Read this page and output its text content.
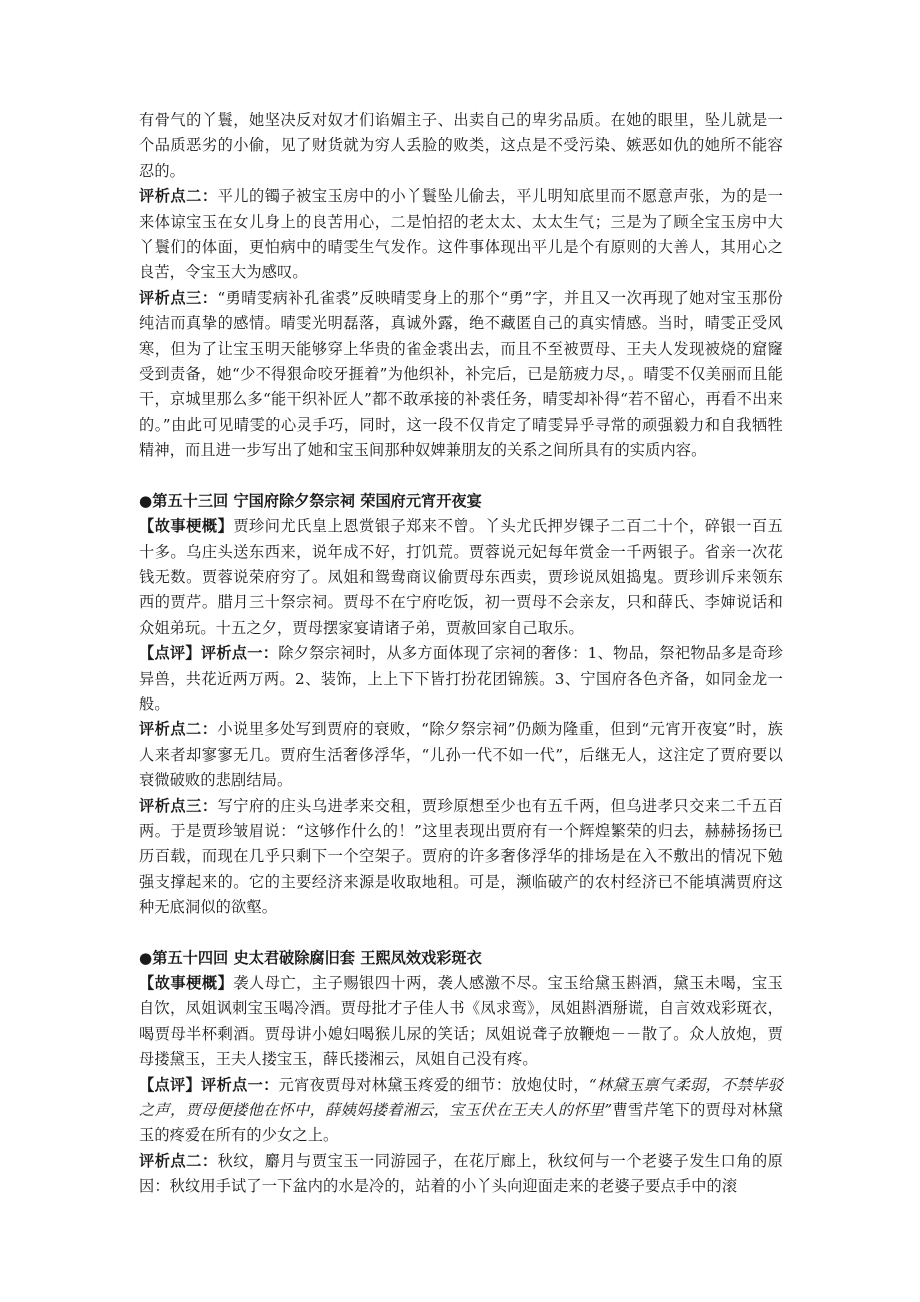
有骨气的丫鬟，她坚决反对奴才们谄媚主子、出卖自己的卑劣品质。在她的眼里，坠儿就是一个品质恶劣的小偷，见了财货就为穷人丢脸的败类，这点是不受污染、嫉恶如仇的她所不能容忍的。

评析点二：平儿的镯子被宝玉房中的小丫鬟坠儿偷去，平儿明知底里而不愿意声张，为的是一来体谅宝玉在女儿身上的良苦用心，二是怕招的老太太、太太生气；三是为了顾全宝玉房中大丫鬟们的体面，更怕病中的晴雯生气发作。这件事体现出平儿是个有原则的大善人，其用心之良苦，令宝玉大为感叹。

评析点三：“勇晴雯病补孔雀裘”反映晴雯身上的那个“勇”字，并且又一次再现了她对宝玉那份纯洁而真挚的感情。晴雯光明磊落，真诚外露，绝不藏匿自己的真实情感。当时，晴雯正受风寒，但为了让宝玉明天能够穿上华贵的雀金裘出去，而且不至被贾母、王夫人发现被烧的窟窿受到责备，她“少不得狠命咬牙捱着”为他织补，补完后，已是筋疲力尽，。晴雯不仅美丽而且能干，京城里那么多“能干织补匠人”都不敢承接的补裘任务，晴雯却补得“若不留心，再看不出来的。”由此可见晴雯的心灵手巧，同时，这一段不仅肯定了晴雯异乎寻常的顽强毅力和自我牺牲精神，而且进一步写出了她和宝玉间那种奴婢兼朋友的关系之间所具有的实质内容。

●第五十三回 宁国府除夕祭宗祠 荣国府元宵开夜宴

【故事梗概】贾珍问尤氏皇上恩赏银子郑来不曾。丫头尤氏押岁锞子二百二十个，碎银一百五十多。乌庄头送东西来，说年成不好，打饥荒。贾蓉说元妃每年赏金一千两银子。省亲一次花钱无数。贾蓉说荣府穷了。凤姐和鸳鸯商议偷贾母东西卖，贾珍说凤姐捣鬼。贾珍训斥来领东西的贾芹。腊月三十祭宗祠。贾母不在宁府吃饭，初一贾母不会亲友，只和薛氏、李婶说话和众姐弟玩。十五之夕，贾母摆家宴请诸子弟，贾赦回家自己取乐。

【点评】评析点一：除夕祭宗祠时，从多方面体现了宗祠的奢侈：1、物品，祭祀物品多是奇珍异兽，共花近两万两。2、装饰，上上下下皆打扮花团锦簇。3、宁国府各色齐备，如同金龙一般。

评析点二：小说里多处写到贾府的衰败，“除夕祭宗祠”仍颇为隆重，但到“元宵开夜宴”时，族人来者却寥寥无几。贾府生活奢侈浮华，“儿孙一代不如一代”，后继无人，这注定了贾府要以衰微破败的悲剧结局。

评析点三：写宁府的庄头乌进孝来交租，贾珍原想至少也有五千两，但乌进孝只交来二千五百两。于是贾珍皱眉说：“这够作什么的！”这里表现出贾府有一个辉煌繁荣的归去，赫赫扬扬已历百载，而现在几乎只剩下一个空架子。贾府的许多奢侈浮华的排场是在入不敷出的情况下勉强支撑起来的。它的主要经济来源是收取地租。可是，濒临破产的农村经济已不能填满贾府这种无底洞似的欲壑。

●第五十四回 史太君破除腐旧套 王熙凤效戏彩斑衣

【故事梗概】袭人母亡，主子赐银四十两，袭人感激不尽。宝玉给黛玉斟酒，黛玉未喝，宝玉自饮，凤姐讽刺宝玉喝冷酒。贾母批才子佳人书《凤求鸾》，凤姐斟酒掰谎，自言效戏彩斑衣，喝贾母半杯剩酒。贾母讲小媳妇喝猴儿尿的笑话；凤姐说聋子放鞭炮－－散了。众人放炮，贾母搂黛玉，王夫人搂宝玉，薛氏搂湘云，凤姐自己没有疼。

【点评】评析点一：元宵夜贾母对林黛玉疼爱的细节：放炮仗时，“林黛玉禀气柔弱，不禁毕驳之声，贾母便搂他在怀中，薛姨妈搂着湘云，宝玉伏在王夫人的怀里”曹雪芹笔下的贾母对林黛玉的疼爱在所有的少女之上。

评析点二：秋纹，麝月与贾宝玉一同游园子，在花厅廊上，秋纹何与一个老婆子发生口角的原因：秋纹用手试了一下盆内的水是冷的，站着的小丫头向迎面走来的老婆子要点手中的滚
